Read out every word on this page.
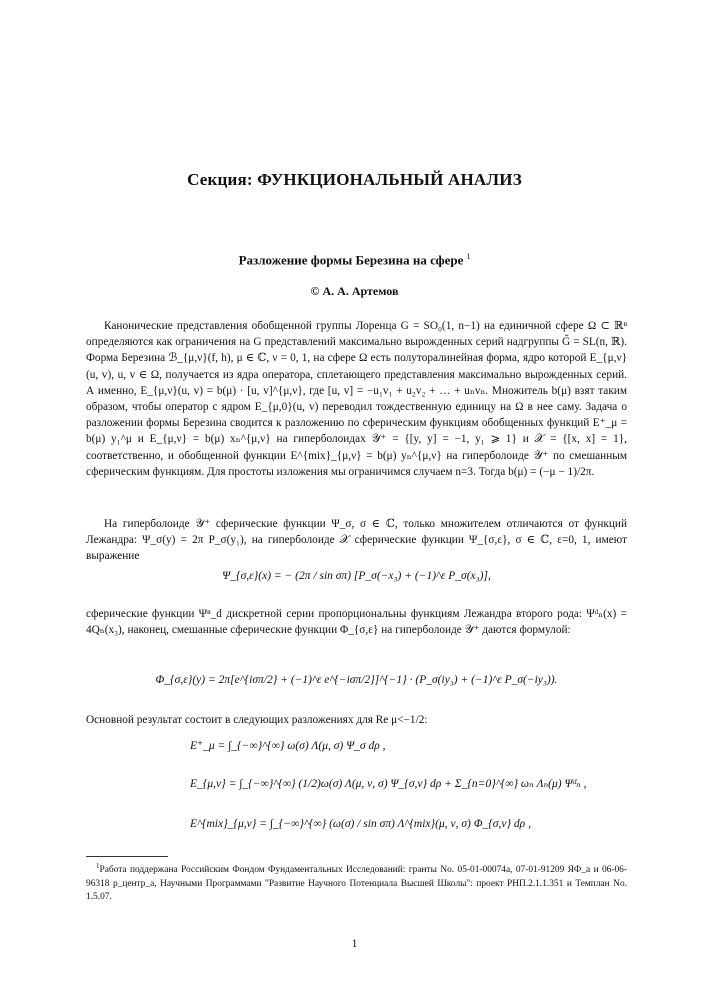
Секция: ФУНКЦИОНАЛЬНЫЙ АНАЛИЗ
Разложение формы Березина на сфере $^1$
© А. А. Артемов

Канонические представления обобщенной группы Лоренца G = SO₀(1, n−1) на единичной сфере Ω ⊂ ℝⁿ определяются как ограничения на G представлений максимально вырожденных серий надгруппы G̃ = SL(n, ℝ). Форма Березина ℬ_{μ,ν}(f, h), μ ∈ ℂ, ν = 0, 1, на сфере Ω есть полуторалинейная форма, ядро которой E_{μ,ν}(u, v), u, v ∈ Ω, получается из ядра оператора, сплетающего представления максимально вырожденных серий. А именно, E_{μ,ν}(u, v) = b(μ) · [u, v]^{μ,ν}, где [u, v] = −u₁v₁ + u₂v₂ + … + uₙvₙ. Множитель b(μ) взят таким образом, чтобы оператор с ядром E_{μ,0}(u, v) переводил тождественную единицу на Ω в нее саму. Задача о разложении формы Березина сводится к разложению по сферическим функциям обобщенных функций E⁺_μ = b(μ) y₁^μ и E_{μ,ν} = b(μ) xₙ^{μ,ν} на гиперболоидах 𝒴⁺ = {[y, y] = −1, y₁ ⩾ 1} и 𝒳 = {[x, x] = 1}, соответственно, и обобщенной функции E^{mix}_{μ,ν} = b(μ) yₙ^{μ,ν} на гиперболоиде 𝒴⁺ по смешанным сферическим функциям. Для простоты изложения мы ограничимся случаем n=3. Тогда b(μ) = (−μ − 1)/2π.

На гиперболоиде 𝒴⁺ сферические функции Ψ_σ, σ ∈ ℂ, только множителем отличаются от функций Лежандра: Ψ_σ(y) = 2π P_σ(y₁), на гиперболоиде 𝒳 сферические функции Ψ_{σ,ε}, σ ∈ ℂ, ε=0, 1, имеют выражение

Ψ_{σ,ε}(x) = − (2π / sin σπ) [P_σ(−x₃) + (−1)^ε P_σ(x₃)],
сферические функции Ψⁿ_d дискретной серии пропорциональны функциям Лежандра второго рода: Ψᵈₙ(x) = 4Qₙ(x₃), наконец, смешанные сферические функции Φ_{σ,ε} на гиперболоиде 𝒴⁺ даются формулой:
Φ_{σ,ε}(y) = 2π[e^{iσπ/2} + (−1)^ε e^{−iσπ/2}]^{−1} · (P_σ(iy₃) + (−1)^ε P_σ(−iy₃)).
Основной результат состоит в следующих разложениях для Re μ<−1/2:
E⁺_μ = ∫_{−∞}^{∞} ω(σ) Λ(μ, σ) Ψ_σ dρ ,
E_{μ,ν} = ∫_{−∞}^{∞} (1/2)ω(σ) Λ(μ, ν, σ) Ψ_{σ,ν} dρ + Σ_{n=0}^{∞} ωₙ Λₙ(μ) Ψᵈₙ ,
E^{mix}_{μ,ν} = ∫_{−∞}^{∞} (ω(σ) / sin σπ) Λ^{mix}(μ, ν, σ) Φ_{σ,ν} dρ ,
$^1$Работа поддержана Российским Фондом Фундаментальных Исследований: гранты No. 05-01-00074a, 07-01-91209 ЯФ_a и 06-06-96318 р_центр_a, Научными Программами "Развитие Научного Потенциала Высшей Школы": проект РНП.2.1.1.351 и Темплан No. 1.5.07.
1
